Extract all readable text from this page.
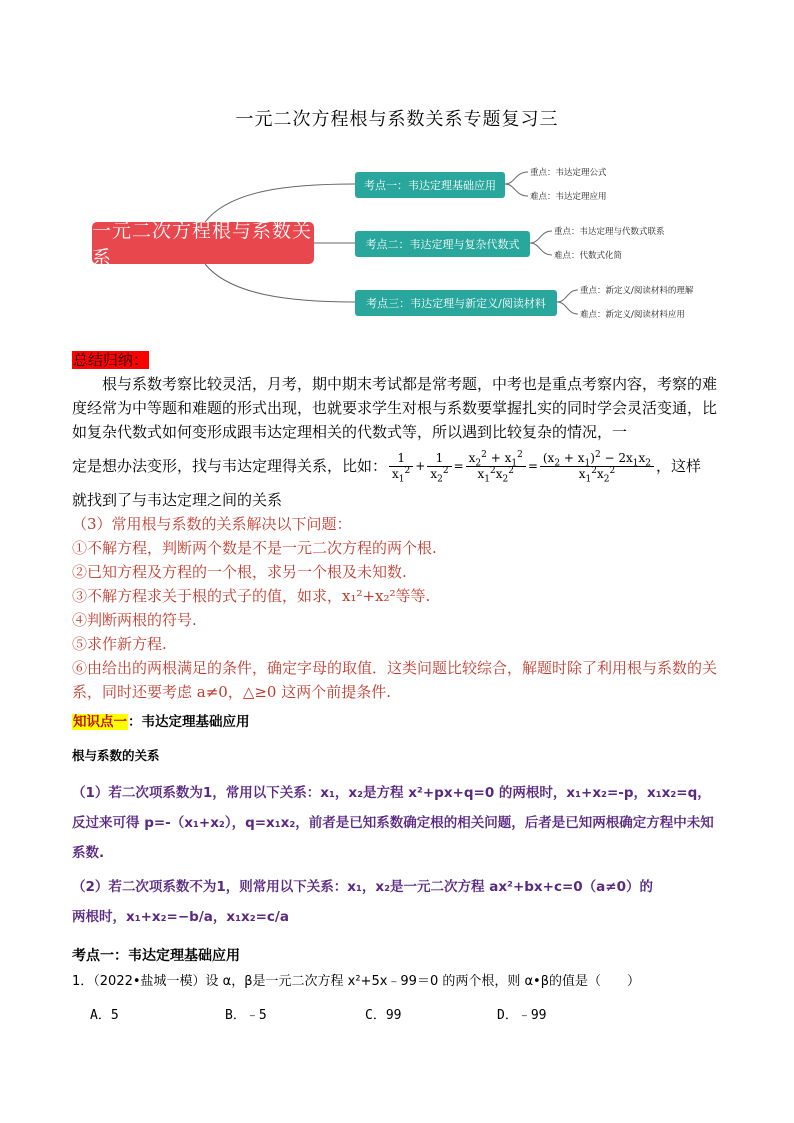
一元二次方程根与系数关系专题复习三
一元二次方程根与系数关系
考点一：韦达定理基础应用
考点二：韦达定理与复杂代数式
考点三：韦达定理与新定义/阅读材料
重点：韦达定理公式
难点：韦达定理应用
重点：韦达定理与代数式联系
难点：代数式化简
重点：新定义/阅读材料的理解
难点：新定义/阅读材料应用
总结归纳：
根与系数考察比较灵活，月考，期中期末考试都是常考题，中考也是重点考察内容，考察的难度经常为中等题和难题的形式出现，也就要求学生对根与系数要掌握扎实的同时学会灵活变通，比如复杂代数式如何变形成跟韦达定理相关的代数式等，所以遇到比较复杂的情况，一
定是想办法变形，找与韦达定理得关系，比如： $\frac{1}{x_1^2} + \frac{1}{x_2^2} = \frac{x_2^2 + x_1^2}{x_1^2x_2^2} = \frac{(x_2 + x_1)^2 - 2x_1x_2}{x_1^2x_2^2}$ ，这样
就找到了与韦达定理之间的关系
（3）常用根与系数的关系解决以下问题：
①不解方程，判断两个数是不是一元二次方程的两个根.
②已知方程及方程的一个根，求另一个根及未知数.
③不解方程求关于根的式子的值，如求，x₁²+x₂²等等.
④判断两根的符号.
⑤求作新方程.
⑥由给出的两根满足的条件，确定字母的取值．这类问题比较综合，解题时除了利用根与系数的关系，同时还要考虑 a≠0，△≥0 这两个前提条件.
知识点一：韦达定理基础应用
根与系数的关系
（1）若二次项系数为1，常用以下关系：x₁，x₂是方程 x²+px+q=0 的两根时，x₁+x₂=-p，x₁x₂=q，反过来可得 p=-（x₁+x₂），q=x₁x₂，前者是已知系数确定根的相关问题，后者是已知两根确定方程中未知系数.
（2）若二次项系数不为1，则常用以下关系：x₁，x₂是一元二次方程 ax²+bx+c=0（a≠0）的
两根时，x₁+x₂=−b/a，x₁x₂=c/a
考点一：韦达定理基础应用
1．（2022•盐城一模）设 α，β是一元二次方程 x²+5x﹣99＝0 的两个根，则 α•β的值是（　　）
A．5	B．﹣5	C．99	D．﹣99
